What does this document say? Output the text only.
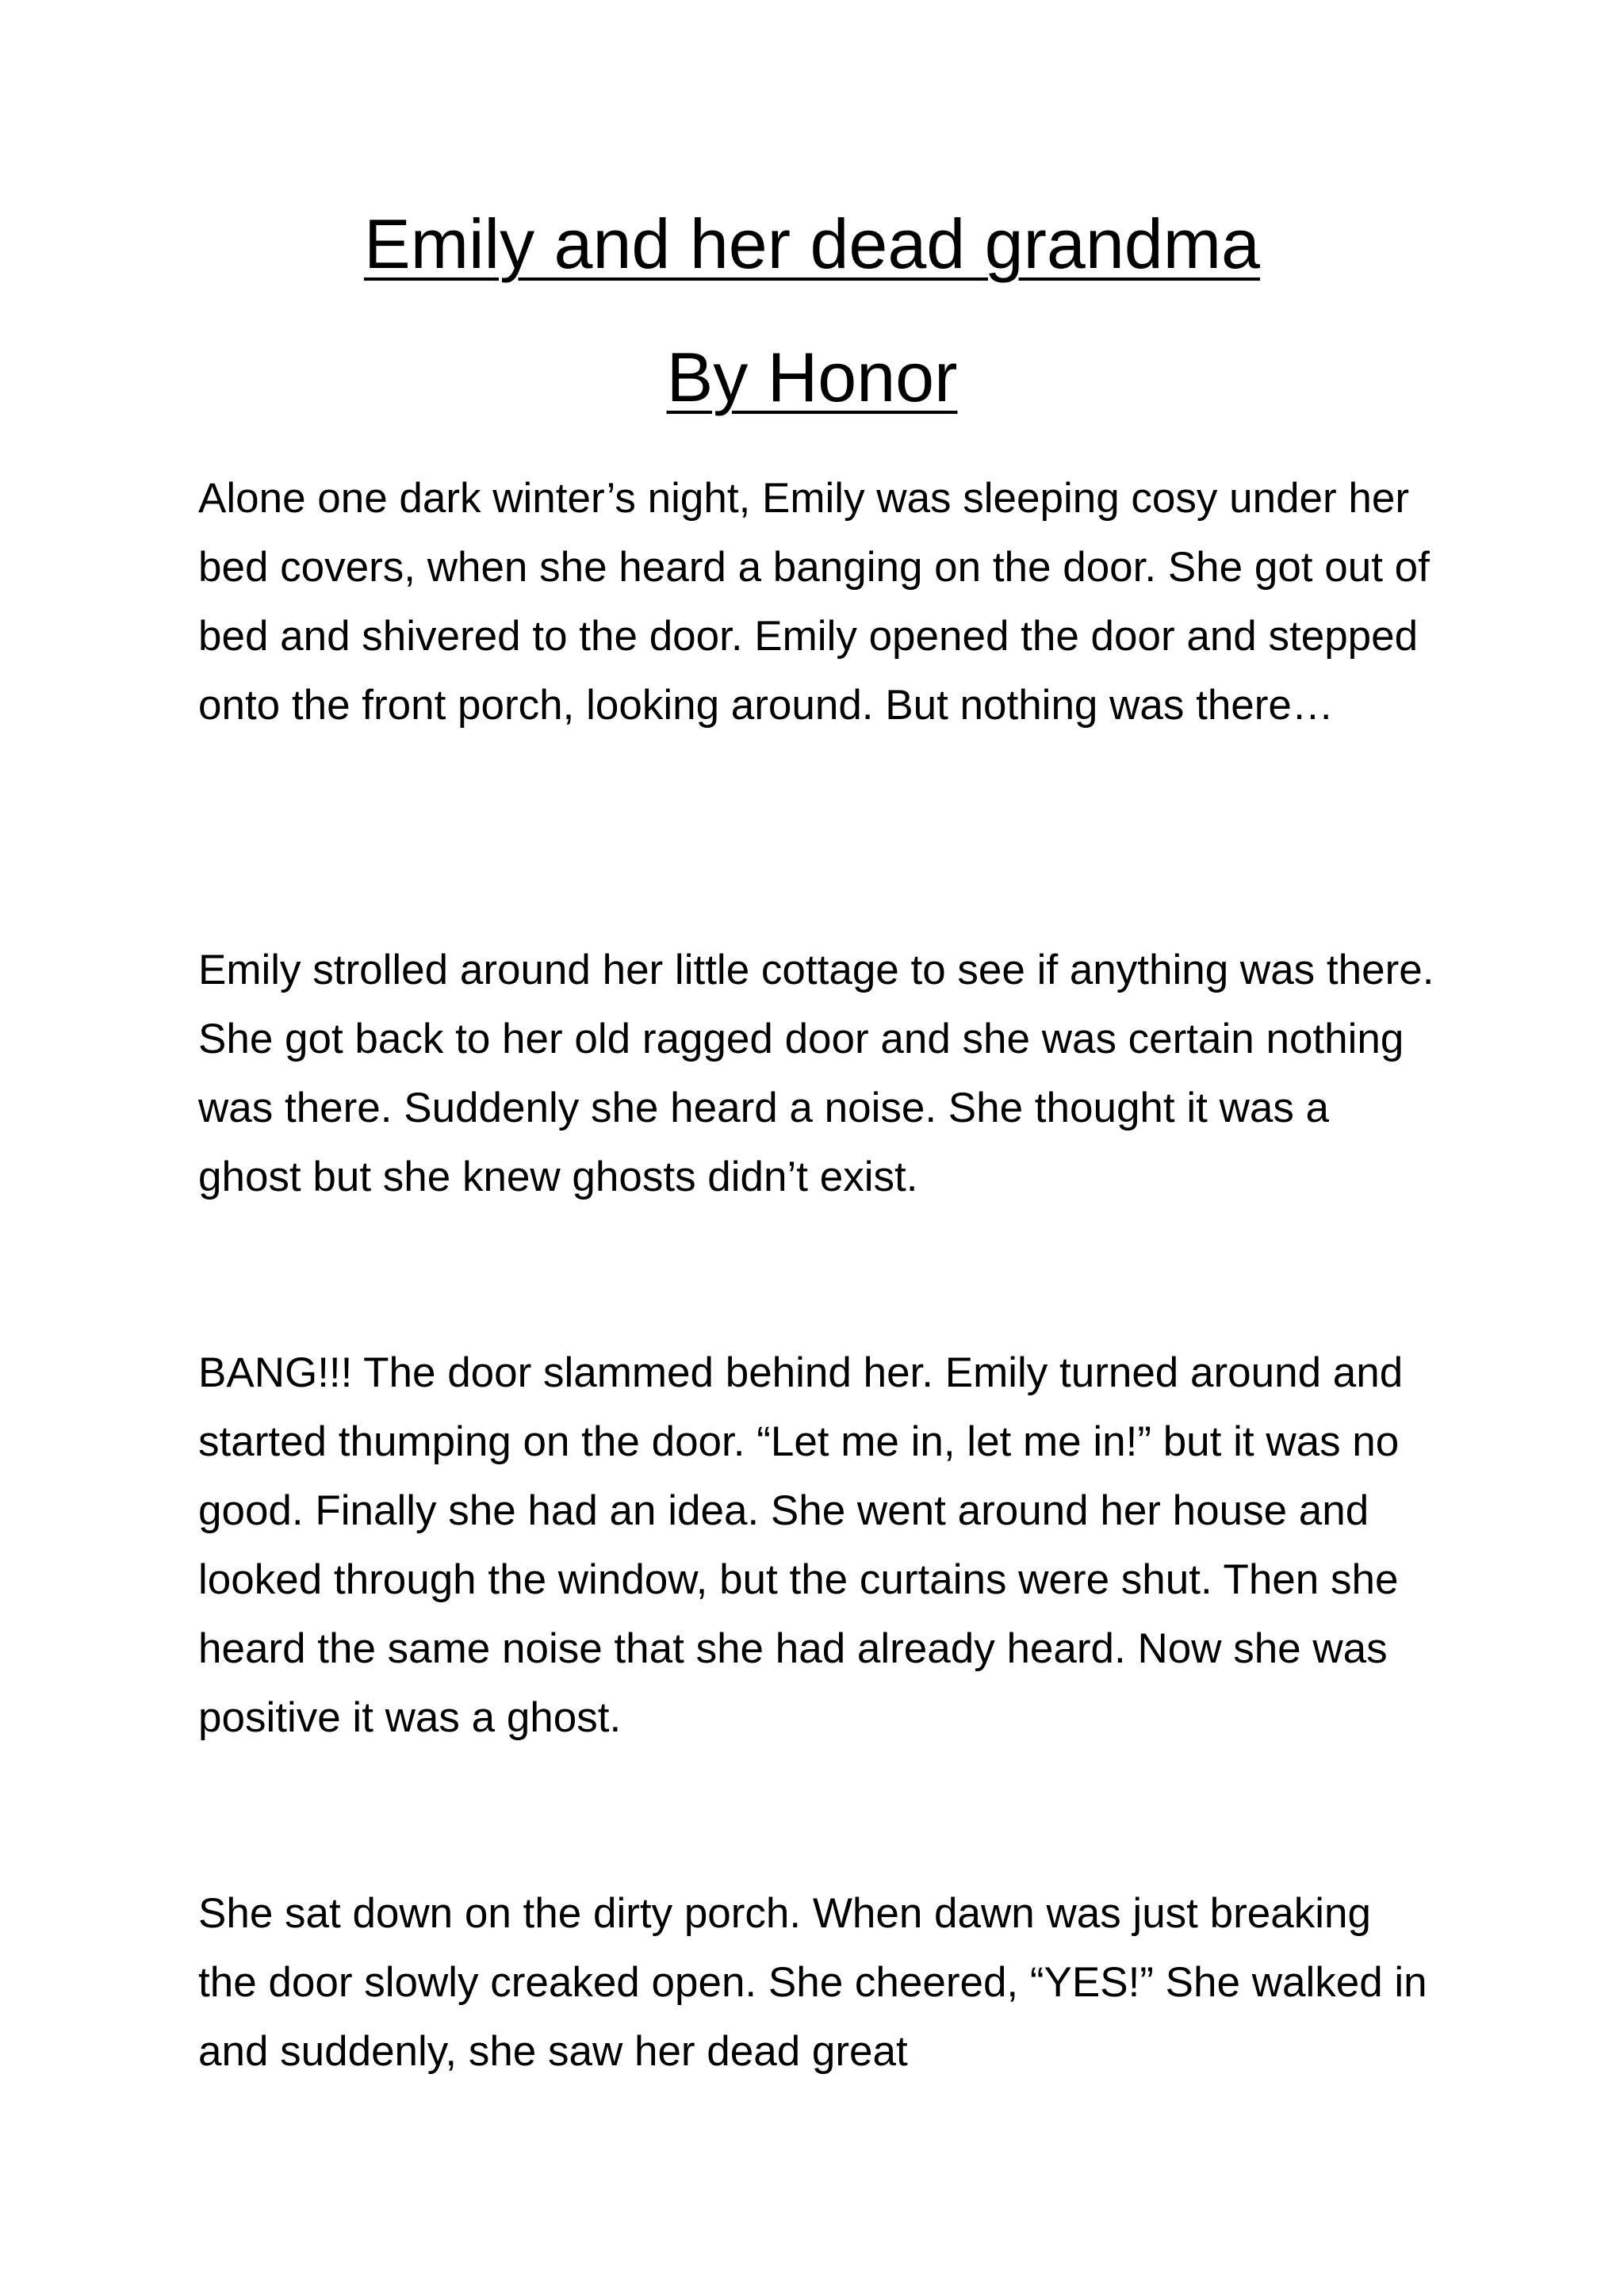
Emily and her dead grandma
By Honor

Alone one dark winter’s night, Emily was sleeping cosy under her bed covers, when she heard a banging on the door. She got out of bed and shivered to the door. Emily opened the door and stepped onto the front porch, looking around. But nothing was there…

Emily strolled around her little cottage to see if anything was there. She got back to her old ragged door and she was certain nothing was there. Suddenly she heard a noise. She thought it was a ghost but she knew ghosts didn’t exist.

BANG!!! The door slammed behind her. Emily turned around and started thumping on the door. “Let me in, let me in!” but it was no good. Finally she had an idea. She went around her house and looked through the window, but the curtains were shut. Then she heard the same noise that she had already heard. Now she was positive it was a ghost.

She sat down on the dirty porch. When dawn was just breaking the door slowly creaked open. She cheered, “YES!” She walked in and suddenly, she saw her dead great
